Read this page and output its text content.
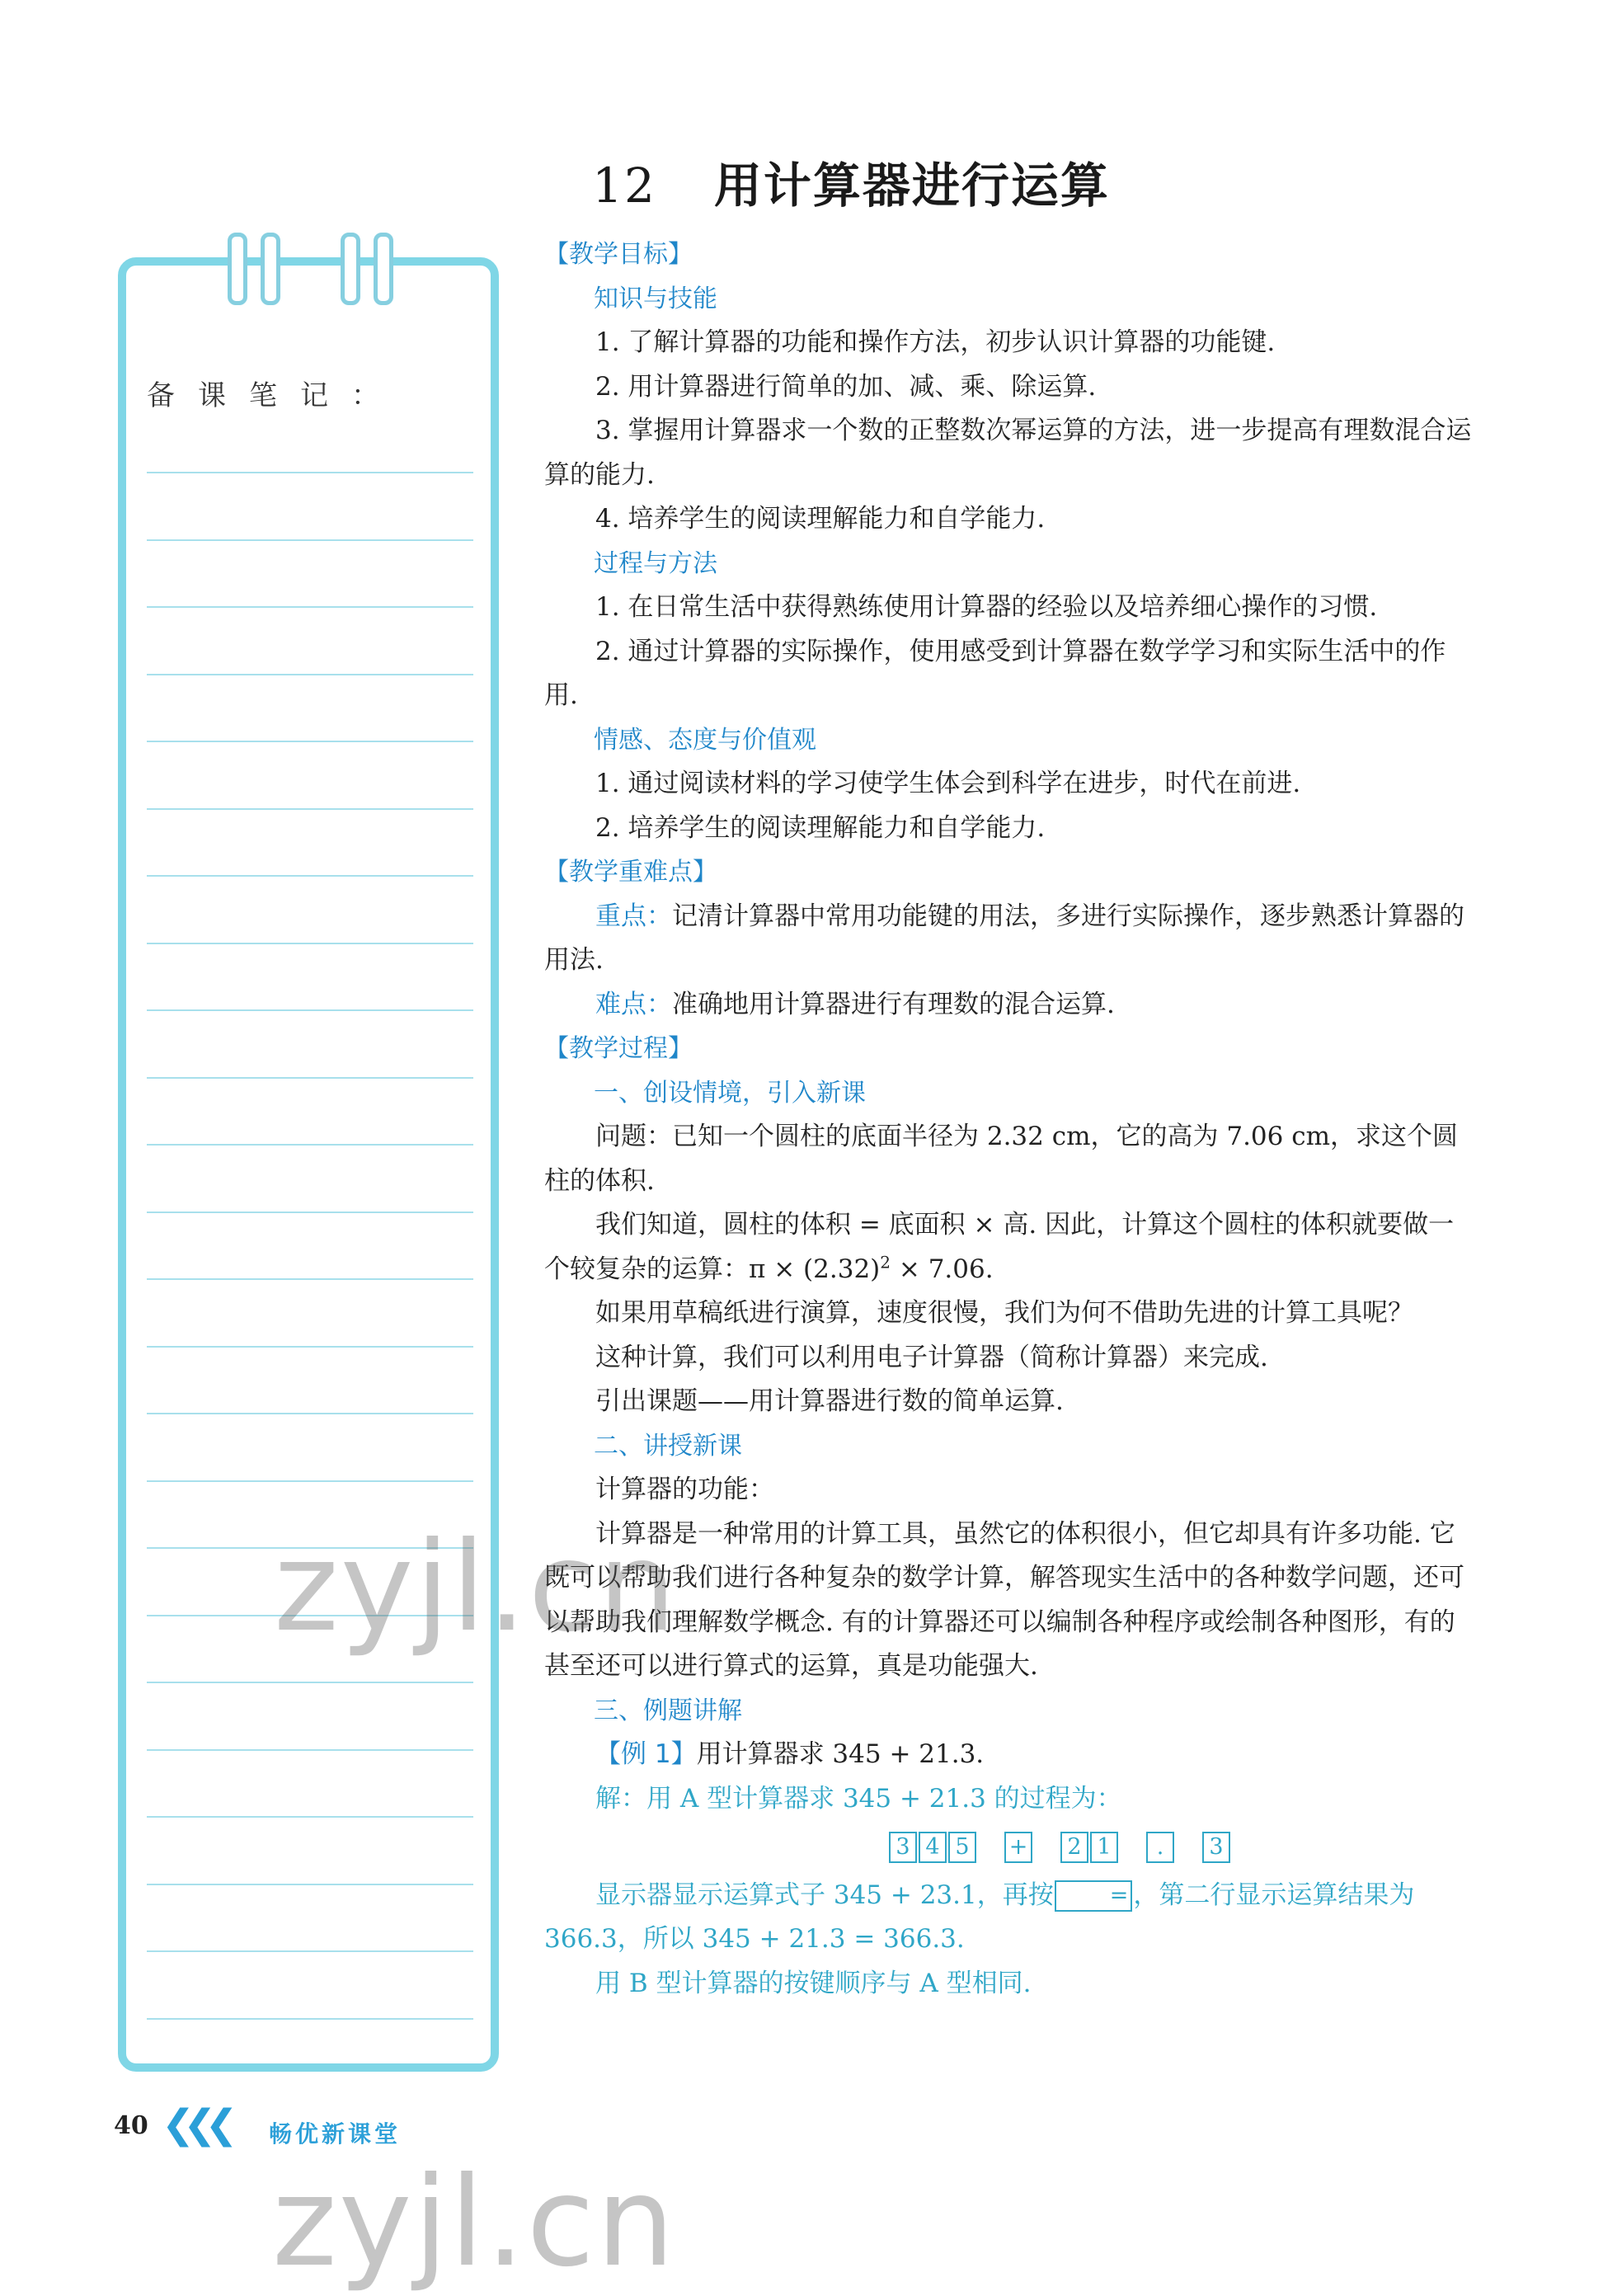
12 用计算器进行运算
备课笔记：

【教学目标】

知识与技能

1. 了解计算器的功能和操作方法，初步认识计算器的功能键.

2. 用计算器进行简单的加、减、乘、除运算.

3. 掌握用计算器求一个数的正整数次幂运算的方法，进一步提高有理数混合运算的能力.

4. 培养学生的阅读理解能力和自学能力.

过程与方法

1. 在日常生活中获得熟练使用计算器的经验以及培养细心操作的习惯.

2. 通过计算器的实际操作，使用感受到计算器在数学学习和实际生活中的作用.

情感、态度与价值观

1. 通过阅读材料的学习使学生体会到科学在进步，时代在前进.

2. 培养学生的阅读理解能力和自学能力.

【教学重难点】

重点：记清计算器中常用功能键的用法，多进行实际操作，逐步熟悉计算器的用法.

难点：准确地用计算器进行有理数的混合运算.

【教学过程】

一、创设情境，引入新课

问题：已知一个圆柱的底面半径为 2.32 cm，它的高为 7.06 cm，求这个圆柱的体积.

我们知道，圆柱的体积 = 底面积 × 高. 因此，计算这个圆柱的体积就要做一个较复杂的运算：$\pi \times (2.32)^2 \times 7.06$.

如果用草稿纸进行演算，速度很慢，我们为何不借助先进的计算工具呢？

这种计算，我们可以利用电子计算器（简称计算器）来完成.

引出课题——用计算器进行数的简单运算.

二、讲授新课

计算器的功能：

计算器是一种常用的计算工具，虽然它的体积很小，但它却具有许多功能. 它既可以帮助我们进行各种复杂的数学计算，解答现实生活中的各种数学问题，还可以帮助我们理解数学概念. 有的计算器还可以编制各种程序或绘制各种图形，有的甚至还可以进行算式的运算，真是功能强大.

三、例题讲解

【例 1】用计算器求 345 + 21.3.

解：用 A 型计算器求 345 + 21.3 的过程为：

3 4 5 + 2 1 . 3

显示器显示运算式子 345 + 23.1，再按	= ，第二行显示运算结果为 366.3，所以 345 + 21.3 = 366.3.

用 B 型计算器的按键顺序与 A 型相同.

40 ❮❮❮ 畅优新课堂
zyjl.cn
zyjl.cn
